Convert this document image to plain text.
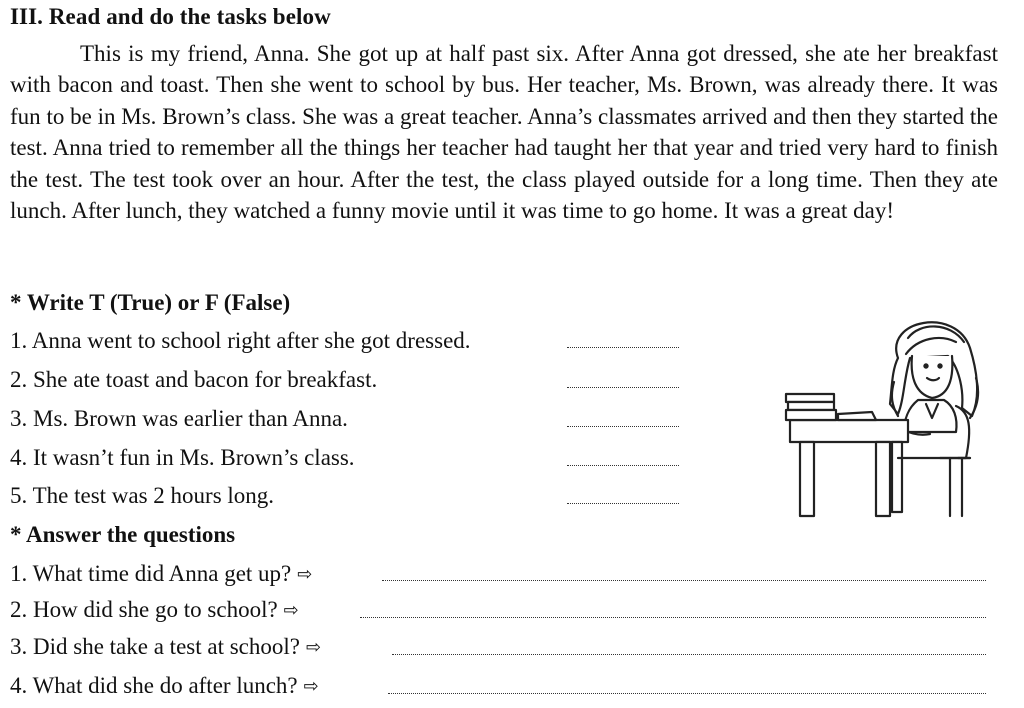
III. Read and do the tasks below

This is my friend, Anna. She got up at half past six. After Anna got dressed, she ate her breakfast with bacon and toast. Then she went to school by bus. Her teacher, Ms. Brown, was already there. It was fun to be in Ms. Brown’s class. She was a great teacher. Anna’s classmates arrived and then they started the test. Anna tried to remember all the things her teacher had taught her that year and tried very hard to finish the test. The test took over an hour. After the test, the class played outside for a long time. Then they ate lunch. After lunch, they watched a funny movie until it was time to go home. It was a great day!

* Write T (True) or F (False)
1. Anna went to school right after she got dressed.
2. She ate toast and bacon for breakfast.
3. Ms. Brown was earlier than Anna.
4. It wasn’t fun in Ms. Brown’s class.
5. The test was 2 hours long.
* Answer the questions
1. What time did Anna get up? ⇨
2. How did she go to school? ⇨
3. Did she take a test at school? ⇨
4. What did she do after lunch? ⇨
